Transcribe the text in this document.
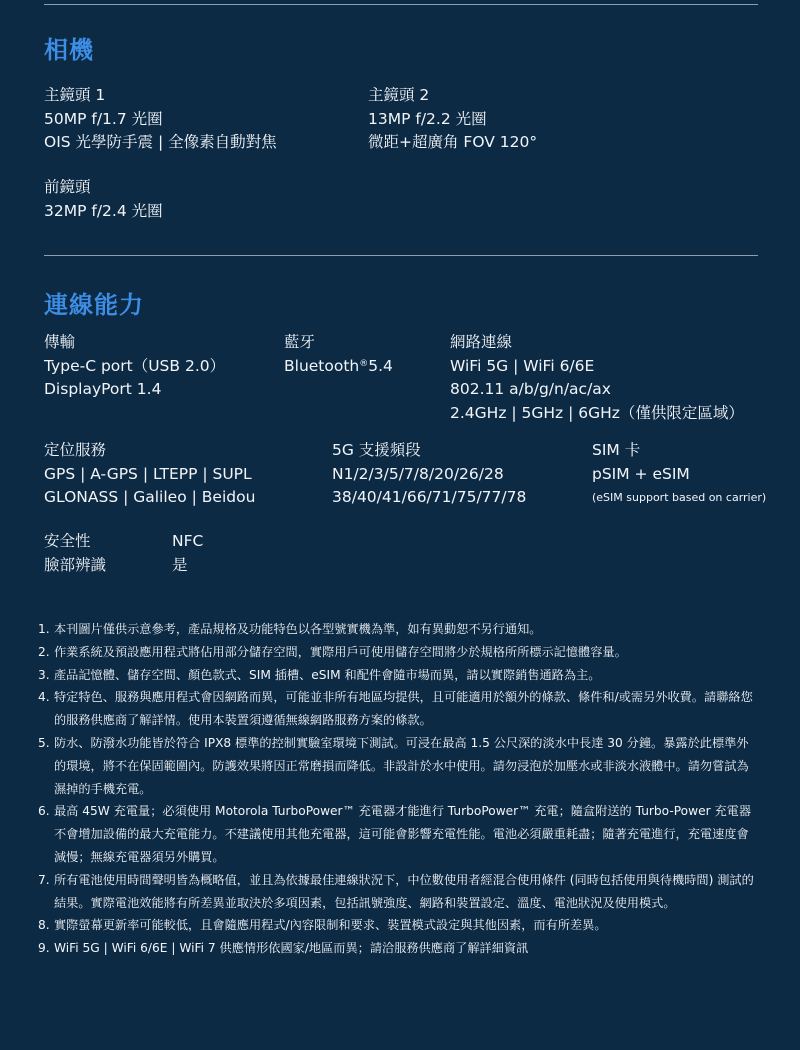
相機
主鏡頭 1
50MP f/1.7 光圈
OIS 光學防手震 | 全像素自動對焦
主鏡頭 2
13MP f/2.2 光圈
微距+超廣角 FOV 120°
前鏡頭
32MP f/2.4 光圈
連線能力
傳輸
Type-C port（USB 2.0）
DisplayPort 1.4
藍牙
Bluetooth®5.4
網路連線
WiFi 5G | WiFi 6/6E
802.11 a/b/g/n/ac/ax
2.4GHz | 5GHz | 6GHz（僅供限定區域）
定位服務
GPS | A-GPS | LTEPP | SUPL
GLONASS | Galileo | Beidou
5G 支援頻段
N1/2/3/5/7/8/20/26/28
38/40/41/66/71/75/77/78
SIM 卡
pSIM + eSIM
(eSIM support based on carrier)
安全性
臉部辨識
NFC
是
1. 本刊圖片僅供示意參考，產品規格及功能特色以各型號實機為準，如有異動恕不另行通知。
2. 作業系統及預設應用程式將佔用部分儲存空間，實際用戶可使用儲存空間將少於規格所所標示記憶體容量。
3. 產品記憶體、儲存空間、顏色款式、SIM 插槽、eSIM 和配件會隨市場而異，請以實際銷售通路為主。
4. 特定特色、服務與應用程式會因網路而異，可能並非所有地區均提供，且可能適用於額外的條款、條件和/或需另外收費。請聯絡您的服務供應商了解詳情。使用本裝置須遵循無線網路服務方案的條款。
5. 防水、防潑水功能皆於符合 IPX8 標準的控制實驗室環境下測試。可浸在最高 1.5 公尺深的淡水中長達 30 分鐘。暴露於此標準外的環境，將不在保固範圍內。防護效果將因正常磨損而降低。非設計於水中使用。請勿浸泡於加壓水或非淡水液體中。請勿嘗試為濕掉的手機充電。
6. 最高 45W 充電量；必須使用 Motorola TurboPower™ 充電器才能進行 TurboPower™ 充電；隨盒附送的 Turbo-Power 充電器不會增加設備的最大充電能力。不建議使用其他充電器，這可能會影響充電性能。電池必須嚴重耗盡；隨著充電進行，充電速度會減慢；無線充電器須另外購買。
7. 所有電池使用時間聲明皆為概略值，並且為依據最佳連線狀況下，中位數使用者經混合使用條件 (同時包括使用與待機時間) 測試的結果。實際電池效能將有所差異並取決於多項因素，包括訊號強度、網路和裝置設定、溫度、電池狀況及使用模式。
8. 實際螢幕更新率可能較低，且會隨應用程式/內容限制和要求、裝置模式設定與其他因素，而有所差異。
9. WiFi 5G | WiFi 6/6E | WiFi 7 供應情形依國家/地區而異；請洽服務供應商了解詳細資訊
